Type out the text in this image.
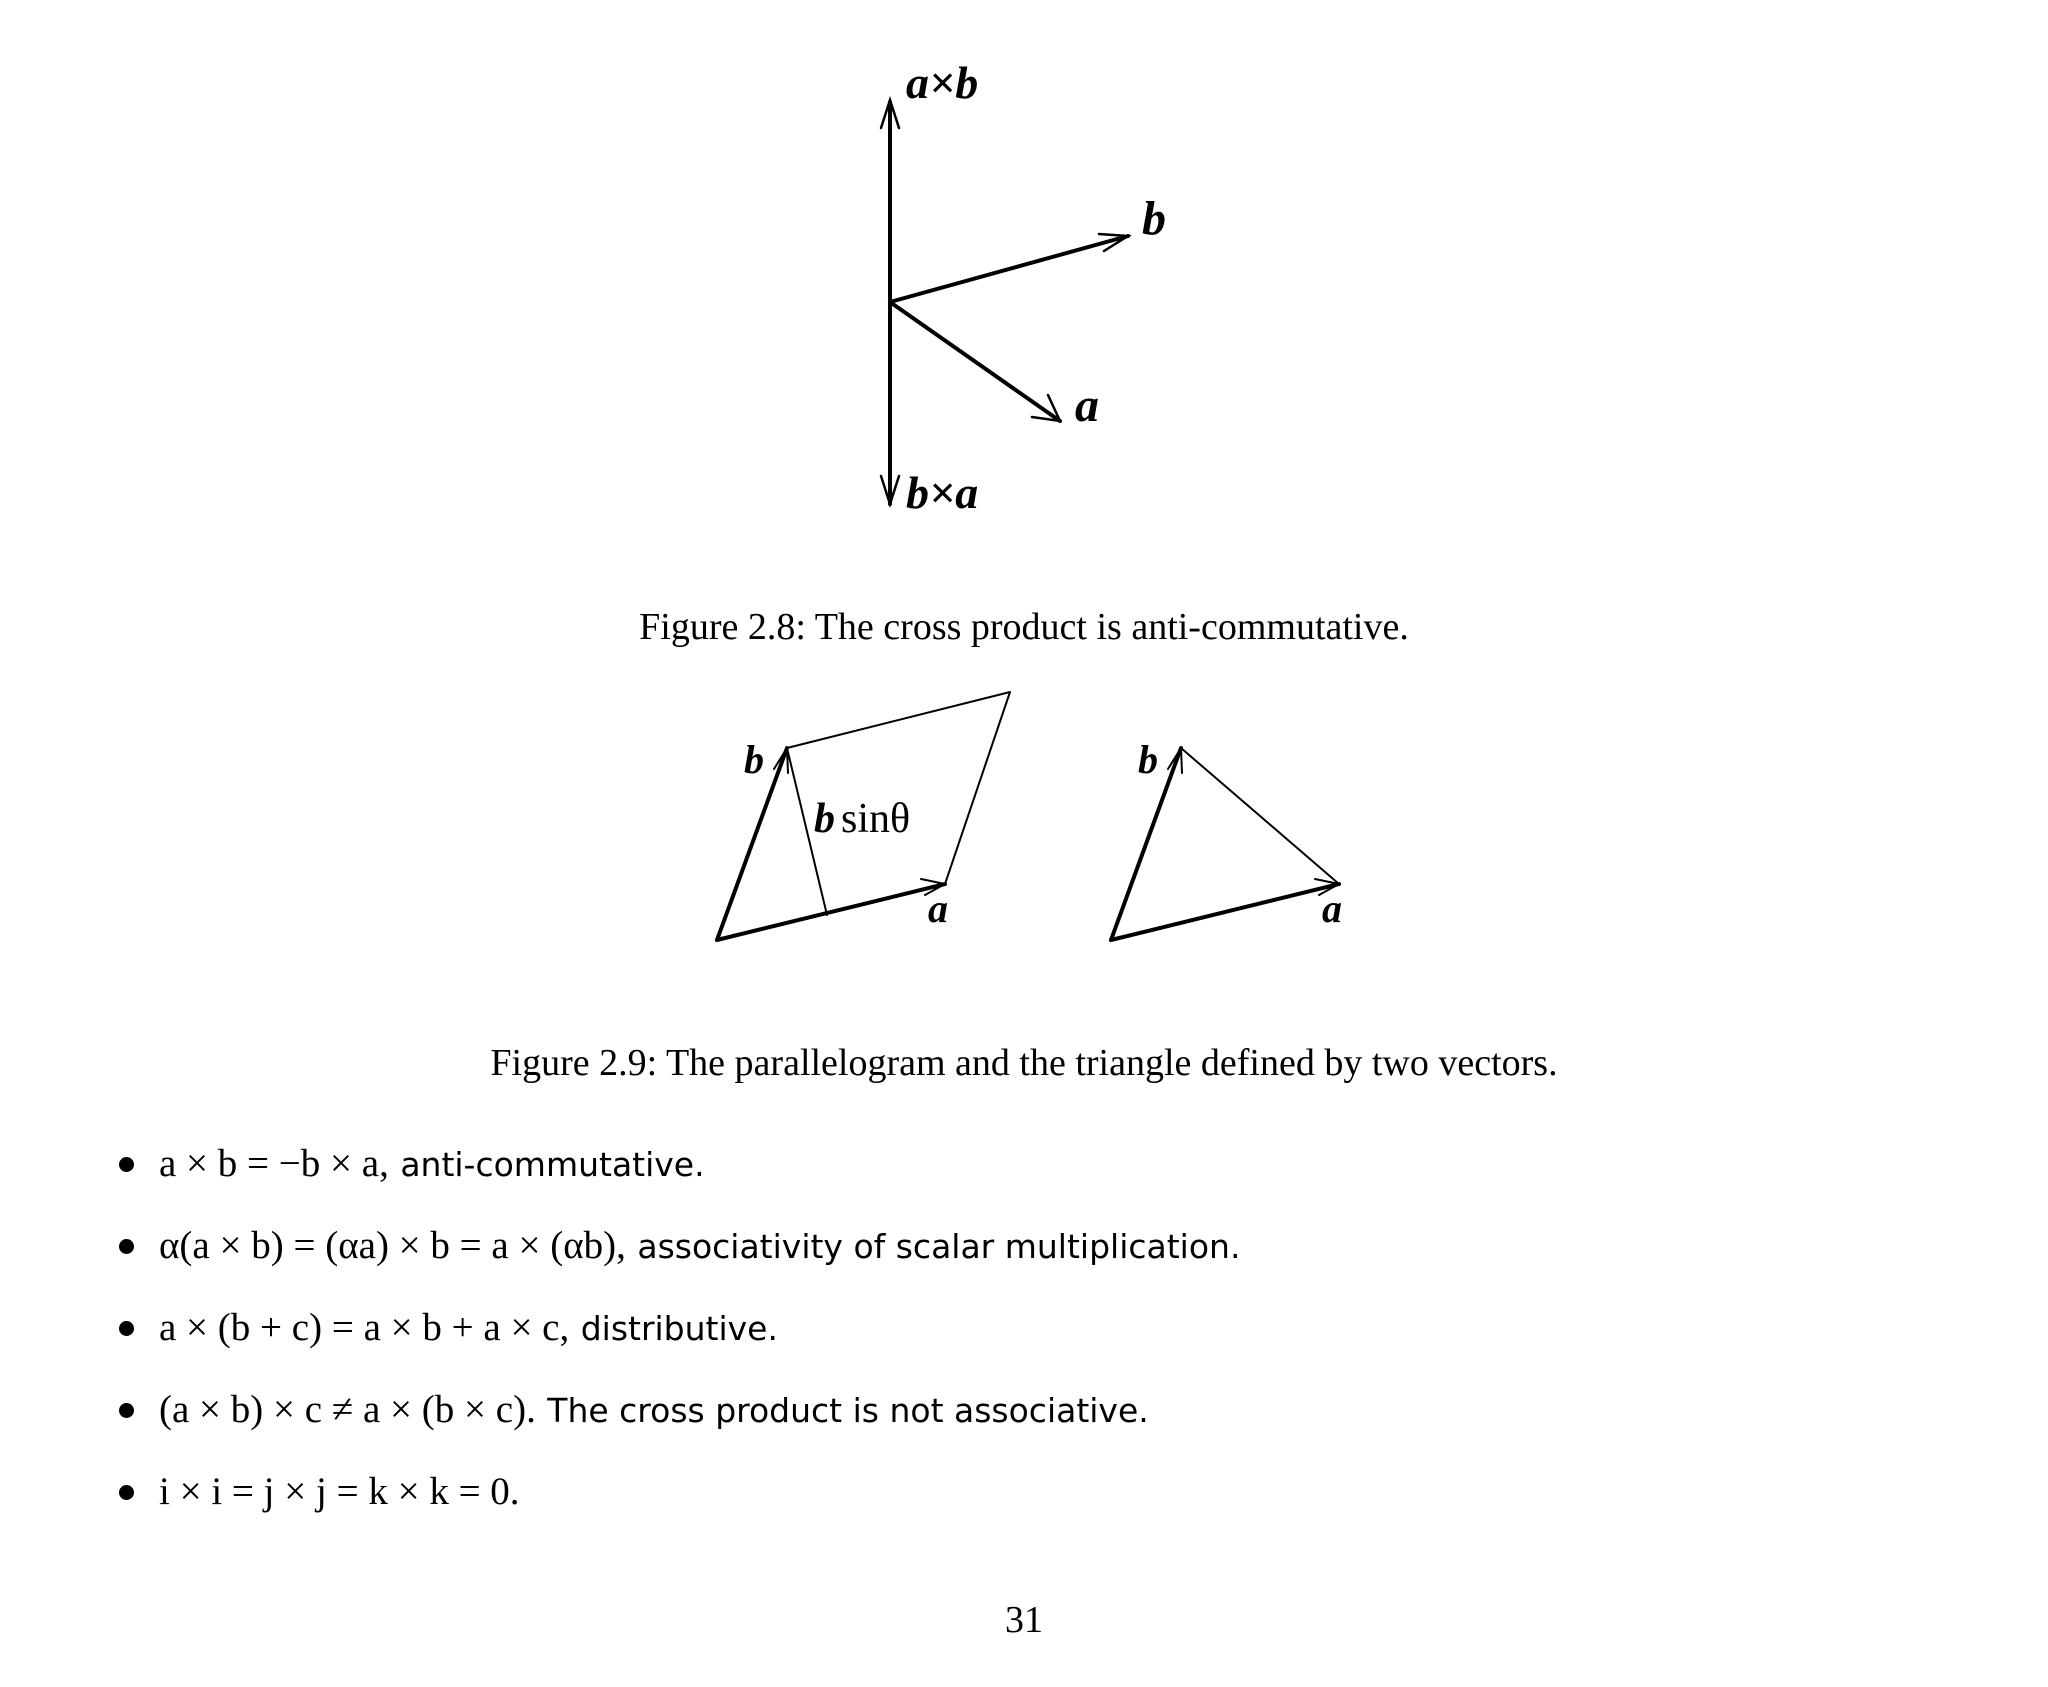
a×b
b
a
b×a
b
b sinθ
a
b
a
Figure 2.8: The cross product is anti-commutative.
Figure 2.9: The parallelogram and the triangle defined by two vectors.
a × b = −b × a, anti-commutative.
α(a × b) = (αa) × b = a × (αb), associativity of scalar multiplication.
a × (b + c) = a × b + a × c, distributive.
(a × b) × c ≠ a × (b × c). The cross product is not associative.
i × i = j × j = k × k = 0.
31
